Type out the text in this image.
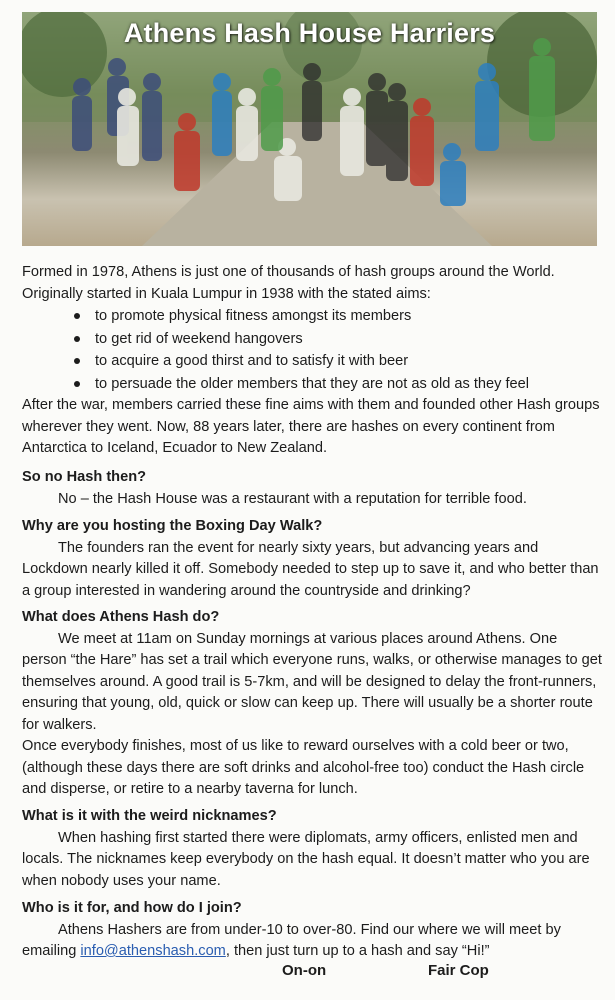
Athens Hash House Harriers

Formed in 1978, Athens is just one of thousands of hash groups around the World.

Originally started in Kuala Lumpur in 1938 with the stated aims:

to promote physical fitness amongst its members
to get rid of weekend hangovers
to acquire a good thirst and to satisfy it with beer
to persuade the older members that they are not as old as they feel

After the war, members carried these fine aims with them and founded other Hash groups wherever they went. Now, 88 years later, there are hashes on every continent from Antarctica to Iceland, Ecuador to New Zealand.

So no Hash then?

No – the Hash House was a restaurant with a reputation for terrible food.

Why are you hosting the Boxing Day Walk?

The founders ran the event for nearly sixty years, but advancing years and Lockdown nearly killed it off. Somebody needed to step up to save it, and who better than a group interested in wandering around the countryside and drinking?

What does Athens Hash do?

We meet at 11am on Sunday mornings at various places around Athens. One person “the Hare” has set a trail which everyone runs, walks, or otherwise manages to get themselves around. A good trail is 5-7km, and will be designed to delay the front-runners, ensuring that young, old, quick or slow can keep up. There will usually be a shorter route for walkers.

Once everybody finishes, most of us like to reward ourselves with a cold beer or two, (although these days there are soft drinks and alcohol-free too) conduct the Hash circle and disperse, or retire to a nearby taverna for lunch.

What is it with the weird nicknames?

When hashing first started there were diplomats, army officers, enlisted men and locals. The nicknames keep everybody on the hash equal. It doesn’t matter who you are when nobody uses your name.

Who is it for, and how do I join?

Athens Hashers are from under-10 to over-80. Find our where we will meet by emailing info@athenshash.com, then just turn up to a hash and say “Hi!”

On-on	Fair Cop
